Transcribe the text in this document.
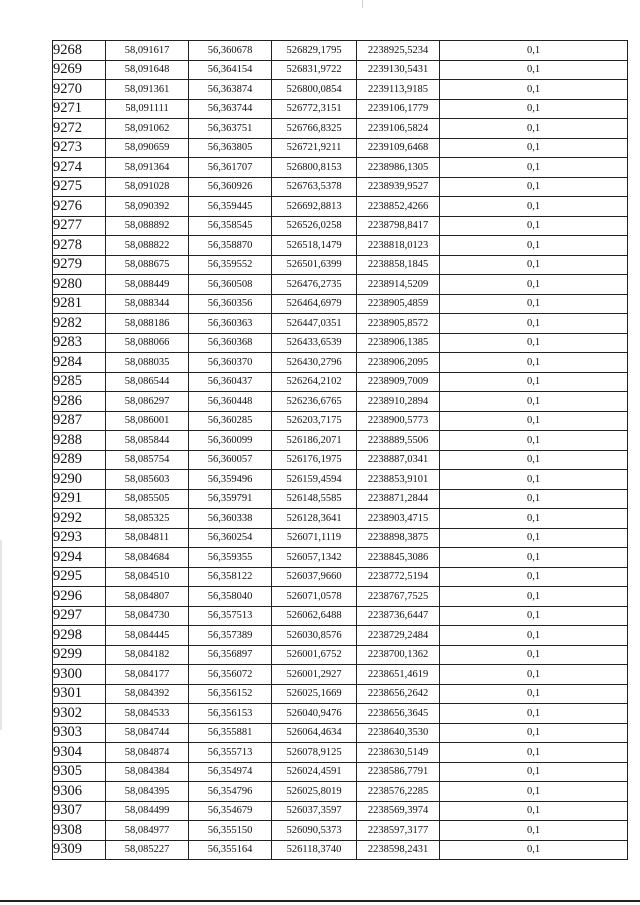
9268	58,091617	56,360678	526829,1795	2238925,5234	0,1
9269	58,091648	56,364154	526831,9722	2239130,5431	0,1
9270	58,091361	56,363874	526800,0854	2239113,9185	0,1
9271	58,091111	56,363744	526772,3151	2239106,1779	0,1
9272	58,091062	56,363751	526766,8325	2239106,5824	0,1
9273	58,090659	56,363805	526721,9211	2239109,6468	0,1
9274	58,091364	56,361707	526800,8153	2238986,1305	0,1
9275	58,091028	56,360926	526763,5378	2238939,9527	0,1
9276	58,090392	56,359445	526692,8813	2238852,4266	0,1
9277	58,088892	56,358545	526526,0258	2238798,8417	0,1
9278	58,088822	56,358870	526518,1479	2238818,0123	0,1
9279	58,088675	56,359552	526501,6399	2238858,1845	0,1
9280	58,088449	56,360508	526476,2735	2238914,5209	0,1
9281	58,088344	56,360356	526464,6979	2238905,4859	0,1
9282	58,088186	56,360363	526447,0351	2238905,8572	0,1
9283	58,088066	56,360368	526433,6539	2238906,1385	0,1
9284	58,088035	56,360370	526430,2796	2238906,2095	0,1
9285	58,086544	56,360437	526264,2102	2238909,7009	0,1
9286	58,086297	56,360448	526236,6765	2238910,2894	0,1
9287	58,086001	56,360285	526203,7175	2238900,5773	0,1
9288	58,085844	56,360099	526186,2071	2238889,5506	0,1
9289	58,085754	56,360057	526176,1975	2238887,0341	0,1
9290	58,085603	56,359496	526159,4594	2238853,9101	0,1
9291	58,085505	56,359791	526148,5585	2238871,2844	0,1
9292	58,085325	56,360338	526128,3641	2238903,4715	0,1
9293	58,084811	56,360254	526071,1119	2238898,3875	0,1
9294	58,084684	56,359355	526057,1342	2238845,3086	0,1
9295	58,084510	56,358122	526037,9660	2238772,5194	0,1
9296	58,084807	56,358040	526071,0578	2238767,7525	0,1
9297	58,084730	56,357513	526062,6488	2238736,6447	0,1
9298	58,084445	56,357389	526030,8576	2238729,2484	0,1
9299	58,084182	56,356897	526001,6752	2238700,1362	0,1
9300	58,084177	56,356072	526001,2927	2238651,4619	0,1
9301	58,084392	56,356152	526025,1669	2238656,2642	0,1
9302	58,084533	56,356153	526040,9476	2238656,3645	0,1
9303	58,084744	56,355881	526064,4634	2238640,3530	0,1
9304	58,084874	56,355713	526078,9125	2238630,5149	0,1
9305	58,084384	56,354974	526024,4591	2238586,7791	0,1
9306	58,084395	56,354796	526025,8019	2238576,2285	0,1
9307	58,084499	56,354679	526037,3597	2238569,3974	0,1
9308	58,084977	56,355150	526090,5373	2238597,3177	0,1
9309	58,085227	56,355164	526118,3740	2238598,2431	0,1
